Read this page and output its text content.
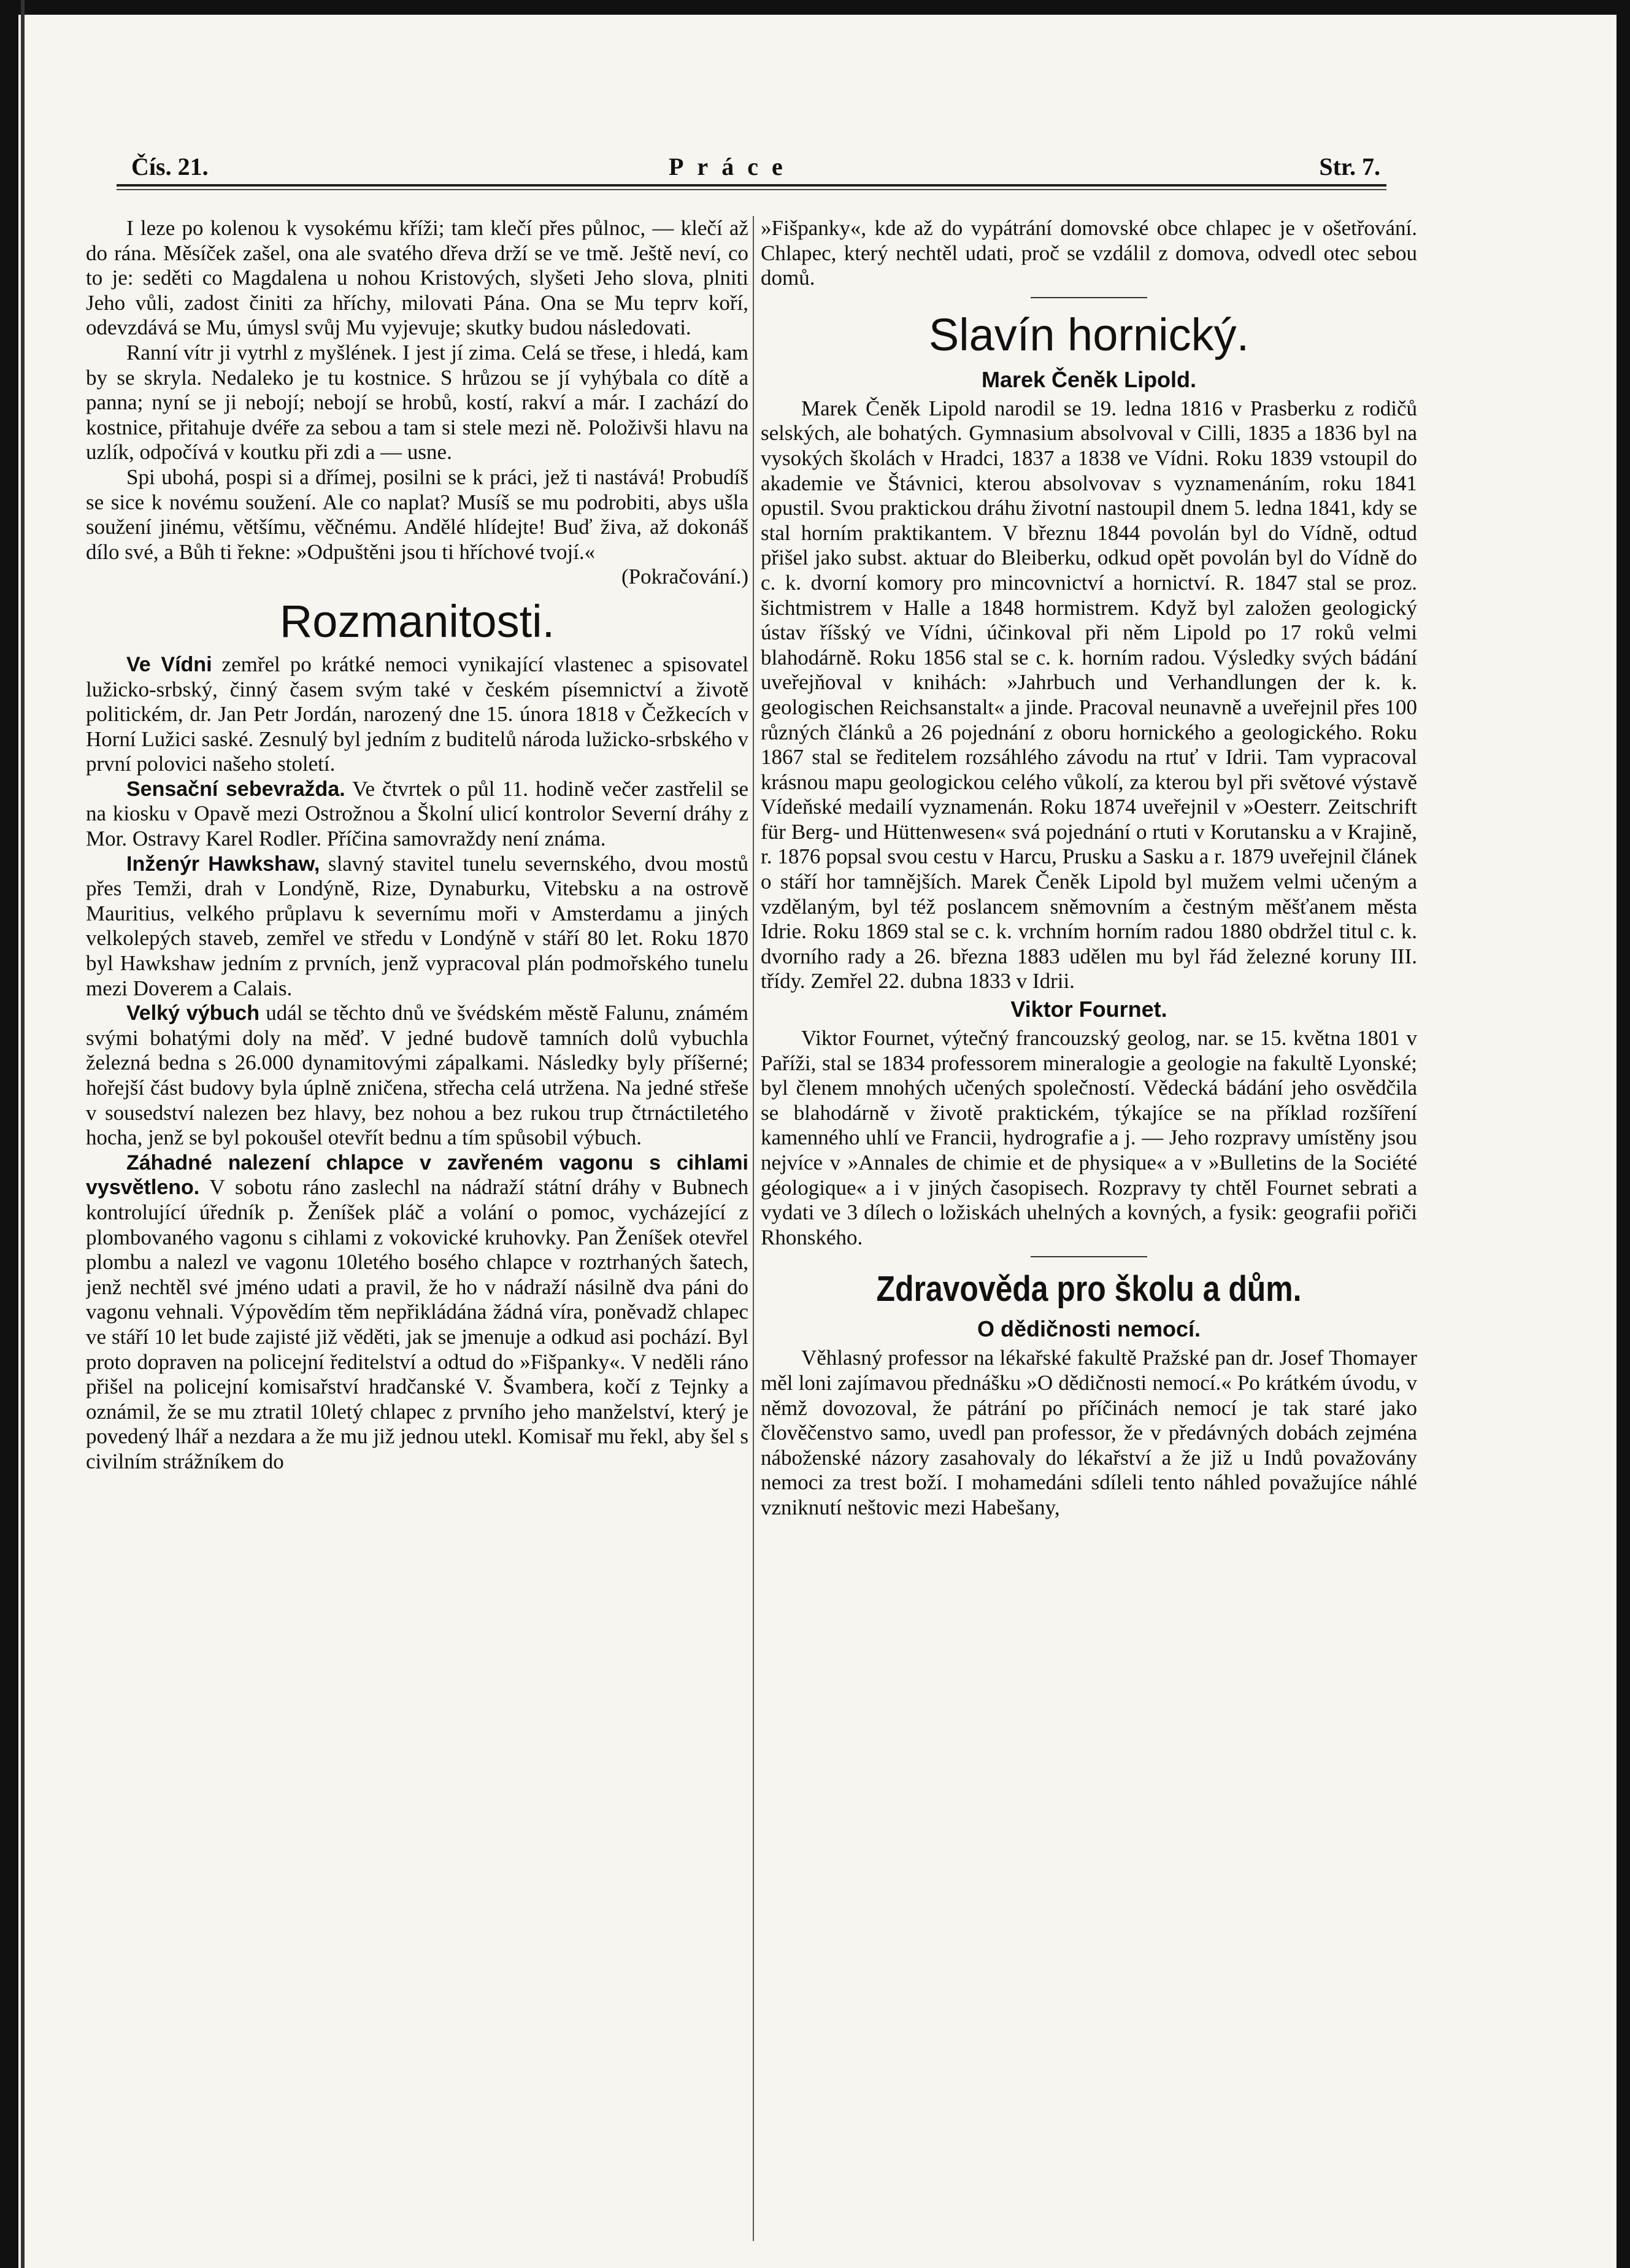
Čís. 21.	Práce	Str. 7.

I leze po kolenou k vysokému kříži; tam klečí přes půlnoc, — klečí až do rána. Měsíček zašel, ona ale svatého dřeva drží se ve tmě. Ještě neví, co to je: seděti co Magdalena u nohou Kristových, slyšeti Jeho slova, plniti Jeho vůli, zadost činiti za hříchy, milovati Pána. Ona se Mu teprv koří, odevzdává se Mu, úmysl svůj Mu vyjevuje; skutky budou následovati.

Ranní vítr ji vytrhl z myšlének. I jest jí zima. Celá se třese, i hledá, kam by se skryla. Nedaleko je tu kostnice. S hrůzou se jí vyhýbala co dítě a panna; nyní se ji nebojí; nebojí se hrobů, kostí, rakví a már. I zachází do kostnice, přitahuje dvéře za sebou a tam si stele mezi ně. Položivši hlavu na uzlík, odpočívá v koutku při zdi a — usne.

Spi ubohá, pospi si a dřímej, posilni se k práci, jež ti nastává! Probudíš se sice k novému soužení. Ale co naplat? Musíš se mu podrobiti, abys ušla soužení jinému, většímu, věčnému. Andělé hlídejte! Buď živa, až dokonáš dílo své, a Bůh ti řekne: »Odpuštěni jsou ti hříchové tvojí.«
(Pokračování.)

Rozmanitosti.

Ve Vídni zemřel po krátké nemoci vynikající vlastenec a spisovatel lužicko-srbský, činný časem svým také v českém písemnictví a životě politickém, dr. Jan Petr Jordán, narozený dne 15. února 1818 v Čežkecích v Horní Lužici saské. Zesnulý byl jedním z buditelů národa lužicko-srbského v první polovici našeho století.

Sensační sebevražda. Ve čtvrtek o půl 11. hodině večer zastřelil se na kiosku v Opavě mezi Ostrožnou a Školní ulicí kontrolor Severní dráhy z Mor. Ostravy Karel Rodler. Příčina samovraždy není známa.

Inženýr Hawkshaw, slavný stavitel tunelu severnského, dvou mostů přes Temži, drah v Londýně, Rize, Dynaburku, Vitebsku a na ostrově Mauritius, velkého průplavu k severnímu moři v Amsterdamu a jiných velkolepých staveb, zemřel ve středu v Londýně v stáří 80 let. Roku 1870 byl Hawkshaw jedním z prvních, jenž vypracoval plán podmořského tunelu mezi Doverem a Calais.

Velký výbuch udál se těchto dnů ve švédském městě Falunu, známém svými bohatými doly na měď. V jedné budově tamních dolů vybuchla železná bedna s 26.000 dynamitovými zápalkami. Následky byly příšerné; hořejší část budovy byla úplně zničena, střecha celá utržena. Na jedné střeše v sousedství nalezen bez hlavy, bez nohou a bez rukou trup čtrnáctiletého hocha, jenž se byl pokoušel otevřít bednu a tím spůsobil výbuch.

Záhadné nalezení chlapce v zavřeném vagonu s cihlami vysvětleno. V sobotu ráno zaslechl na nádraží státní dráhy v Bubnech kontrolující úředník p. Ženíšek pláč a volání o pomoc, vycházející z plombovaného vagonu s cihlami z vokovické kruhovky. Pan Ženíšek otevřel plombu a nalezl ve vagonu 10letého bosého chlapce v roztrhaných šatech, jenž nechtěl své jméno udati a pravil, že ho v nádraží násilně dva páni do vagonu vehnali. Výpovědím těm nepřikládána žádná víra, poněvadž chlapec ve stáří 10 let bude zajisté již věděti, jak se jmenuje a odkud asi pochází. Byl proto dopraven na policejní ředitelství a odtud do »Fišpanky«. V neděli ráno přišel na policejní komisařství hradčanské V. Švambera, kočí z Tejnky a oznámil, že se mu ztratil 10letý chlapec z prvního jeho manželství, který je povedený lhář a nezdara a že mu již jednou utekl. Komisař mu řekl, aby šel s civilním strážníkem do

»Fišpanky«, kde až do vypátrání domovské obce chlapec je v ošetřování. Chlapec, který nechtěl udati, proč se vzdálil z domova, odvedl otec sebou domů.

Slavín hornický.
Marek Čeněk Lipold.

Marek Čeněk Lipold narodil se 19. ledna 1816 v Prasberku z rodičů selských, ale bohatých. Gymnasium absolvoval v Cilli, 1835 a 1836 byl na vysokých školách v Hradci, 1837 a 1838 ve Vídni. Roku 1839 vstoupil do akademie ve Štávnici, kterou absolvovav s vyznamenáním, roku 1841 opustil. Svou praktickou dráhu životní nastoupil dnem 5. ledna 1841, kdy se stal horním praktikantem. V březnu 1844 povolán byl do Vídně, odtud přišel jako subst. aktuar do Bleiberku, odkud opět povolán byl do Vídně do c. k. dvorní komory pro mincovnictví a hornictví. R. 1847 stal se proz. šichtmistrem v Halle a 1848 hormistrem. Když byl založen geologický ústav říšský ve Vídni, účinkoval při něm Lipold po 17 roků velmi blahodárně. Roku 1856 stal se c. k. horním radou. Výsledky svých bádání uveřejňoval v knihách: »Jahrbuch und Verhandlungen der k. k. geologischen Reichsanstalt« a jinde. Pracoval neunavně a uveřejnil přes 100 různých článků a 26 pojednání z oboru hornického a geologického. Roku 1867 stal se ředitelem rozsáhlého závodu na rtuť v Idrii. Tam vypracoval krásnou mapu geologickou celého vůkolí, za kterou byl při světové výstavě Vídeňské medailí vyznamenán. Roku 1874 uveřejnil v »Oesterr. Zeitschrift für Berg- und Hüttenwesen« svá pojednání o rtuti v Korutansku a v Krajině, r. 1876 popsal svou cestu v Harcu, Prusku a Sasku a r. 1879 uveřejnil článek o stáří hor tamnějších. Marek Čeněk Lipold byl mužem velmi učeným a vzdělaným, byl též poslancem sněmovním a čestným měšťanem města Idrie. Roku 1869 stal se c. k. vrchním horním radou 1880 obdržel titul c. k. dvorního rady a 26. března 1883 udělen mu byl řád železné koruny III. třídy. Zemřel 22. dubna 1833 v Idrii.

Viktor Fournet.

Viktor Fournet, výtečný francouzský geolog, nar. se 15. května 1801 v Paříži, stal se 1834 professorem mineralogie a geologie na fakultě Lyonské; byl členem mnohých učených společností. Vědecká bádání jeho osvědčila se blahodárně v životě praktickém, týkajíce se na příklad rozšíření kamenného uhlí ve Francii, hydrografie a j. — Jeho rozpravy umístěny jsou nejvíce v »Annales de chimie et de physique« a v »Bulletins de la Société géologique« a i v jiných časopisech. Rozpravy ty chtěl Fournet sebrati a vydati ve 3 dílech o ložiskách uhelných a kovných, a fysik: geografii pořiči Rhonského.

Zdravověda pro školu a dům.
O dědičnosti nemocí.

Věhlasný professor na lékařské fakultě Pražské pan dr. Josef Thomayer měl loni zajímavou přednášku »O dědičnosti nemocí.« Po krátkém úvodu, v němž dovozoval, že pátrání po příčinách nemocí je tak staré jako člověčenstvo samo, uvedl pan professor, že v předávných dobách zejména náboženské názory zasahovaly do lékařství a že již u Indů považovány nemoci za trest boží. I mohamedáni sdíleli tento náhled považujíce náhlé vzniknutí neštovic mezi Habešany,
